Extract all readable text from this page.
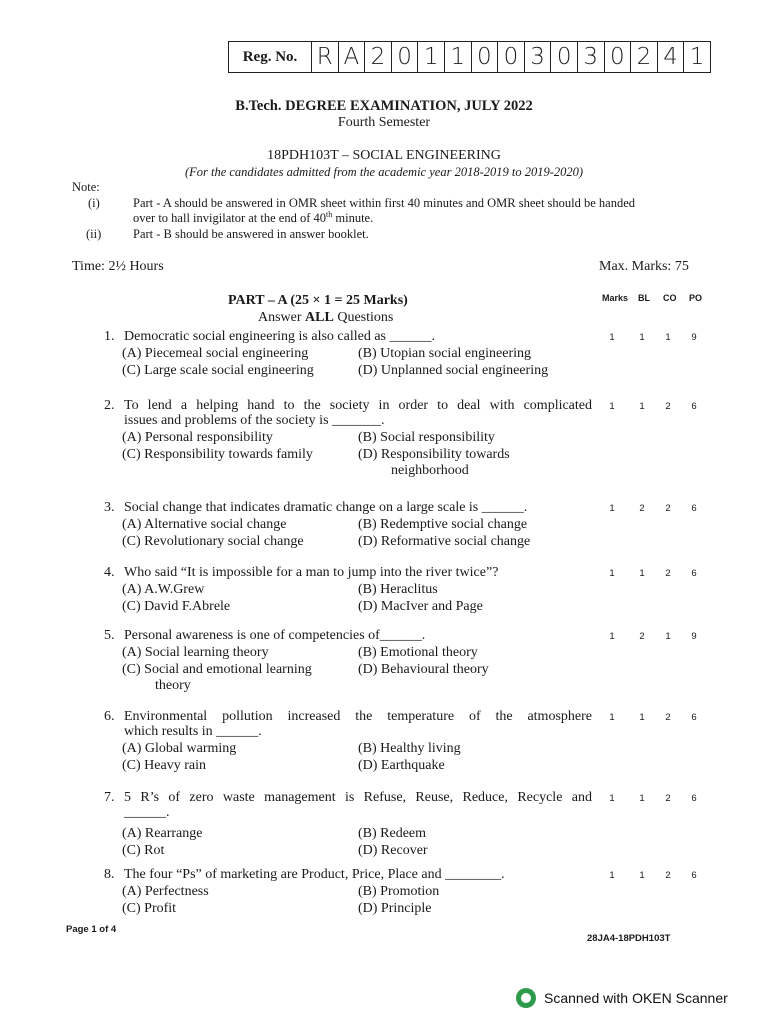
Reg. No. R A 2 0 1 1 0 0 3 0 3 0 2 4 1
B.Tech. DEGREE EXAMINATION, JULY 2022
Fourth Semester
18PDH103T – SOCIAL ENGINEERING
(For the candidates admitted from the academic year 2018-2019 to 2019-2020)
Note:
(i)	Part - A should be answered in OMR sheet within first 40 minutes and OMR sheet should be handed
over to hall invigilator at the end of 40th minute.
(ii)	Part - B should be answered in answer booklet.
Time: 2½ Hours	Max. Marks: 75
PART – A (25 × 1 = 25 Marks)
Answer ALL Questions
Marks BL CO PO
1. Democratic social engineering is also called as ______.
(A) Piecemeal social engineering	(B) Utopian social engineering
(C) Large scale social engineering	(D) Unplanned social engineering
1	1	1	9
2. To lend a helping hand to the society in order to deal with complicated
issues and problems of the society is _______.
(A) Personal responsibility	(B) Social responsibility
(C) Responsibility towards family	(D) Responsibility towards
neighborhood
1	1	2	6
3. Social change that indicates dramatic change on a large scale is ______.
(A) Alternative social change	(B) Redemptive social change
(C) Revolutionary social change	(D) Reformative social change
1	2	2	6
4. Who said “It is impossible for a man to jump into the river twice”?
(A) A.W.Grew	(B) Heraclitus
(C) David F.Abrele	(D) MacIver and Page
1	1	2	6
5. Personal awareness is one of competencies of______.
(A) Social learning theory	(B) Emotional theory
(C) Social and emotional learning	(D) Behavioural theory
theory
1	2	1	9
6. Environmental pollution increased the temperature of the atmosphere
which results in ______.
(A) Global warming	(B) Healthy living
(C) Heavy rain	(D) Earthquake
1	1	2	6
7. 5 R’s of zero waste management is Refuse, Reuse, Reduce, Recycle and
______.
(A) Rearrange	(B) Redeem
(C) Rot	(D) Recover
1	1	2	6
8. The four “Ps” of marketing are Product, Price, Place and ________.
(A) Perfectness	(B) Promotion
(C) Profit	(D) Principle
1	1	2	6
Page 1 of 4
28JA4-18PDH103T
Scanned with OKEN Scanner
